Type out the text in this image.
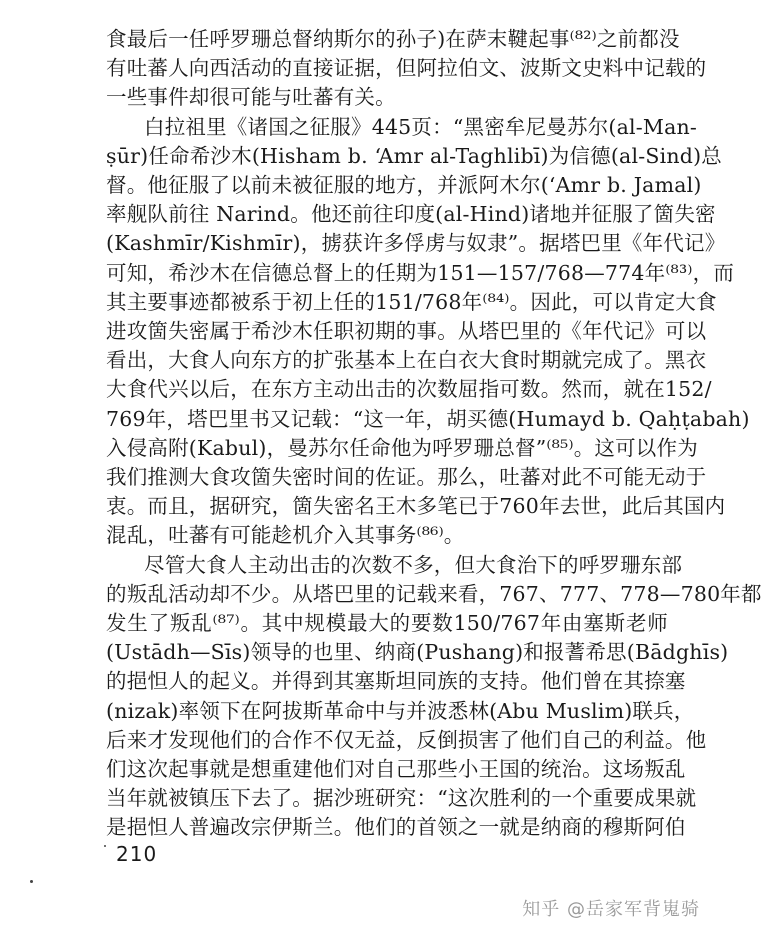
食最后一任呼罗珊总督纳斯尔的孙子)在萨末鞬起事⁽⁸²⁾之前都没
有吐蕃人向西活动的直接证据，但阿拉伯文、波斯文史料中记载的
一些事件却很可能与吐蕃有关。
白拉祖里《诸国之征服》445页：“黑密牟尼曼苏尔(al-Man-
ṣūr)任命希沙木(Hisham b. ‘Amr al-Taghlibī)为信德(al-Sind)总
督。他征服了以前未被征服的地方，并派阿木尔(‘Amr b. Jamal)
率舰队前往 Narind。他还前往印度(al-Hind)诸地并征服了箇失密
(Kashmīr/Kishmīr)，掳获许多俘虏与奴隶”。据塔巴里《年代记》
可知，希沙木在信德总督上的任期为151—157/768—774年⁽⁸³⁾，而
其主要事迹都被系于初上任的151/768年⁽⁸⁴⁾。因此，可以肯定大食
进攻箇失密属于希沙木任职初期的事。从塔巴里的《年代记》可以
看出，大食人向东方的扩张基本上在白衣大食时期就完成了。黑衣
大食代兴以后，在东方主动出击的次数屈指可数。然而，就在152/
769年，塔巴里书又记载：“这一年，胡买德(Humayd b. Qaḥṭabah)
入侵高附(Kabul)，曼苏尔任命他为呼罗珊总督”⁽⁸⁵⁾。这可以作为
我们推测大食攻箇失密时间的佐证。那么，吐蕃对此不可能无动于
衷。而且，据研究，箇失密名王木多笔已于760年去世，此后其国内
混乱，吐蕃有可能趁机介入其事务⁽⁸⁶⁾。
尽管大食人主动出击的次数不多，但大食治下的呼罗珊东部
的叛乱活动却不少。从塔巴里的记载来看，767、777、778—780年都
发生了叛乱⁽⁸⁷⁾。其中规模最大的要数150/767年由塞斯老师
(Ustādh—Sīs)领导的也里、纳商(Pushang)和报蓍希思(Bādghīs)
的挹怛人的起义。并得到其塞斯坦同族的支持。他们曾在其捺塞
(nizak)率领下在阿拔斯革命中与并波悉林(Abu Muslim)联兵，
后来才发现他们的合作不仅无益，反倒损害了他们自己的利益。他
们这次起事就是想重建他们对自己那些小王国的统治。这场叛乱
当年就被镇压下去了。据沙班研究：“这次胜利的一个重要成果就
是挹怛人普遍改宗伊斯兰。他们的首领之一就是纳商的穆斯阿伯
210
知乎 @岳家军背嵬骑
